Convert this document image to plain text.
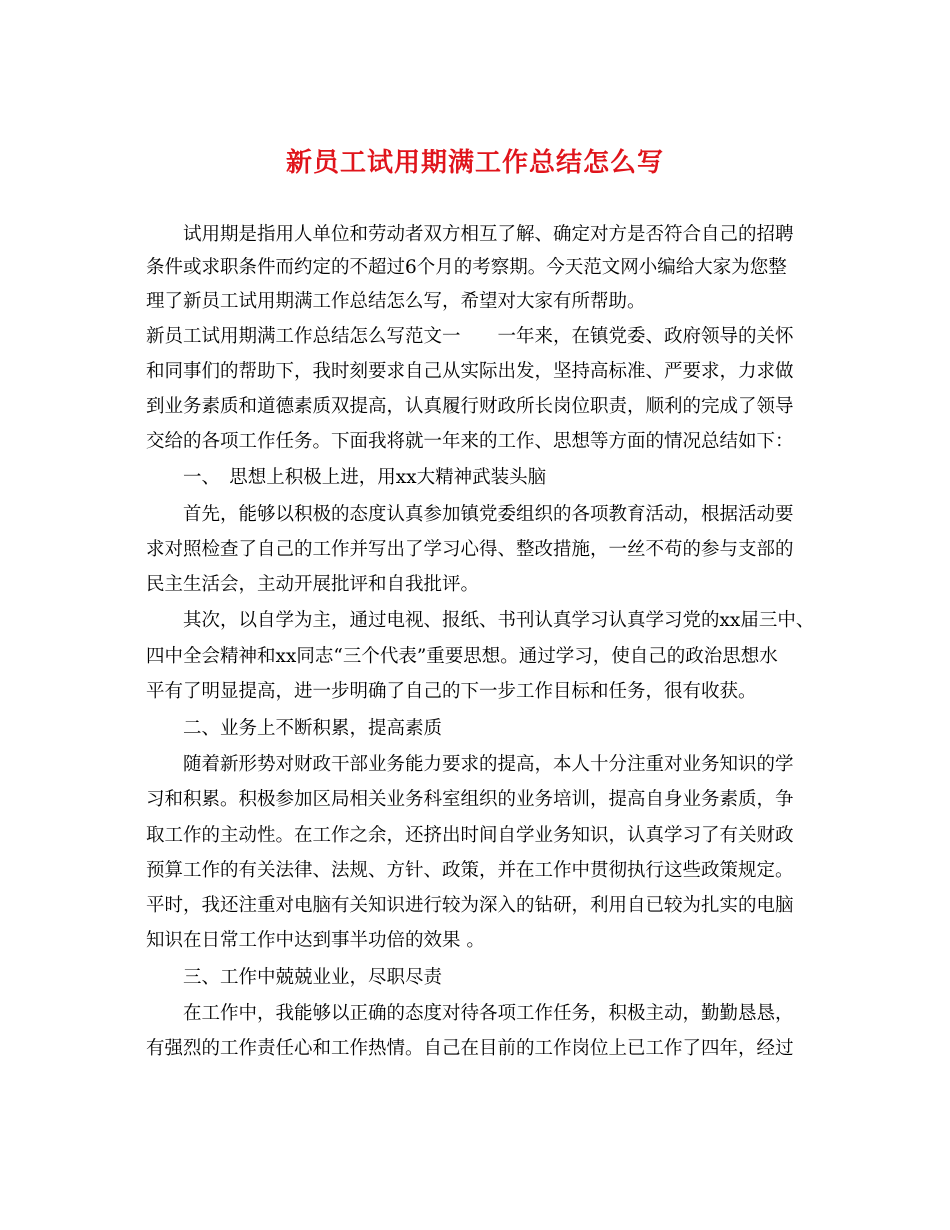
新员工试用期满工作总结怎么写

试用期是指用人单位和劳动者双方相互了解、确定对方是否符合自己的招聘

条件或求职条件而约定的不超过6个月的考察期。今天范文网小编给大家为您整

理了新员工试用期满工作总结怎么写，希望对大家有所帮助。

新员工试用期满工作总结怎么写范文一　　一年来，在镇党委、政府领导的关怀

和同事们的帮助下，我时刻要求自己从实际出发，坚持高标准、严要求，力求做

到业务素质和道德素质双提高，认真履行财政所长岗位职责，顺利的完成了领导

交给的各项工作任务。下面我将就一年来的工作、思想等方面的情况总结如下：

一、　思想上积极上进，用xx大精神武装头脑

首先，能够以积极的态度认真参加镇党委组织的各项教育活动，根据活动要

求对照检查了自己的工作并写出了学习心得、整改措施，一丝不苟的参与支部的

民主生活会，主动开展批评和自我批评。

其次，以自学为主，通过电视、报纸、书刊认真学习认真学习党的xx届三中、

四中全会精神和xx同志“三个代表”重要思想。通过学习，使自己的政治思想水

平有了明显提高，进一步明确了自己的下一步工作目标和任务，很有收获。

二、业务上不断积累，提高素质

随着新形势对财政干部业务能力要求的提高，本人十分注重对业务知识的学

习和积累。积极参加区局相关业务科室组织的业务培训，提高自身业务素质，争

取工作的主动性。在工作之余，还挤出时间自学业务知识，认真学习了有关财政

预算工作的有关法律、法规、方针、政策，并在工作中贯彻执行这些政策规定。

平时，我还注重对电脑有关知识进行较为深入的钻研，利用自已较为扎实的电脑

知识在日常工作中达到事半功倍的效果 。

三、工作中兢兢业业，尽职尽责

在工作中，我能够以正确的态度对待各项工作任务，积极主动，勤勤恳恳，

有强烈的工作责任心和工作热情。自己在目前的工作岗位上已工作了四年，经过
